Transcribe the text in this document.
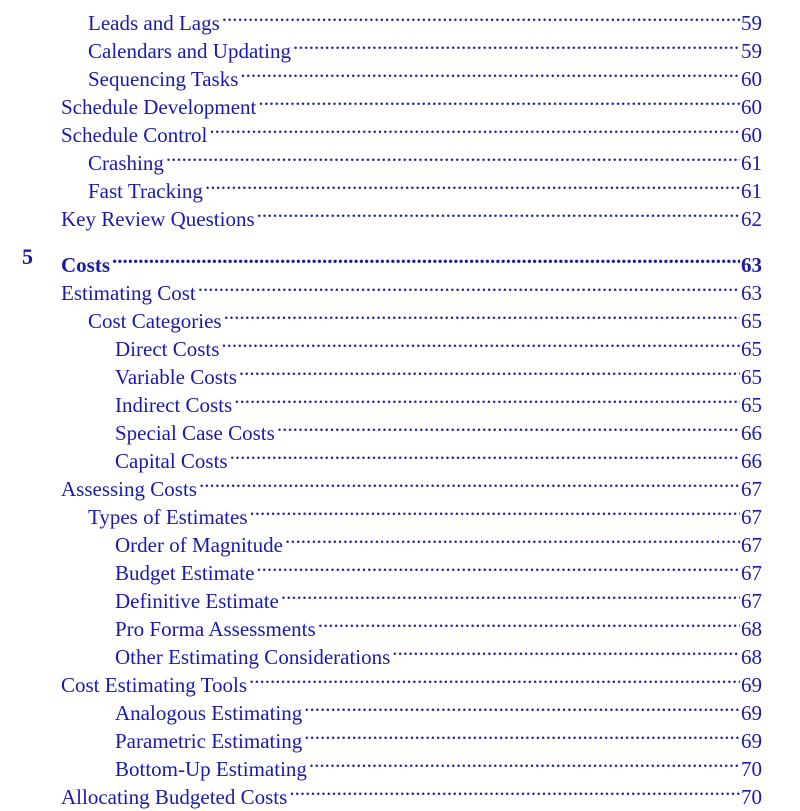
Leads and Lags .....	59
Calendars and Updating .....	59
Sequencing Tasks .....	60
Schedule Development .....	60
Schedule Control .....	60
Crashing .....	61
Fast Tracking .....	61
Key Review Questions .....	62
5 Costs .....	63
Estimating Cost .....	63
Cost Categories .....	65
Direct Costs .....	65
Variable Costs .....	65
Indirect Costs .....	65
Special Case Costs .....	66
Capital Costs .....	66
Assessing Costs .....	67
Types of Estimates .....	67
Order of Magnitude .....	67
Budget Estimate .....	67
Definitive Estimate .....	67
Pro Forma Assessments .....	68
Other Estimating Considerations .....	68
Cost Estimating Tools .....	69
Analogous Estimating .....	69
Parametric Estimating .....	69
Bottom-Up Estimating .....	70
Allocating Budgeted Costs .....	70
